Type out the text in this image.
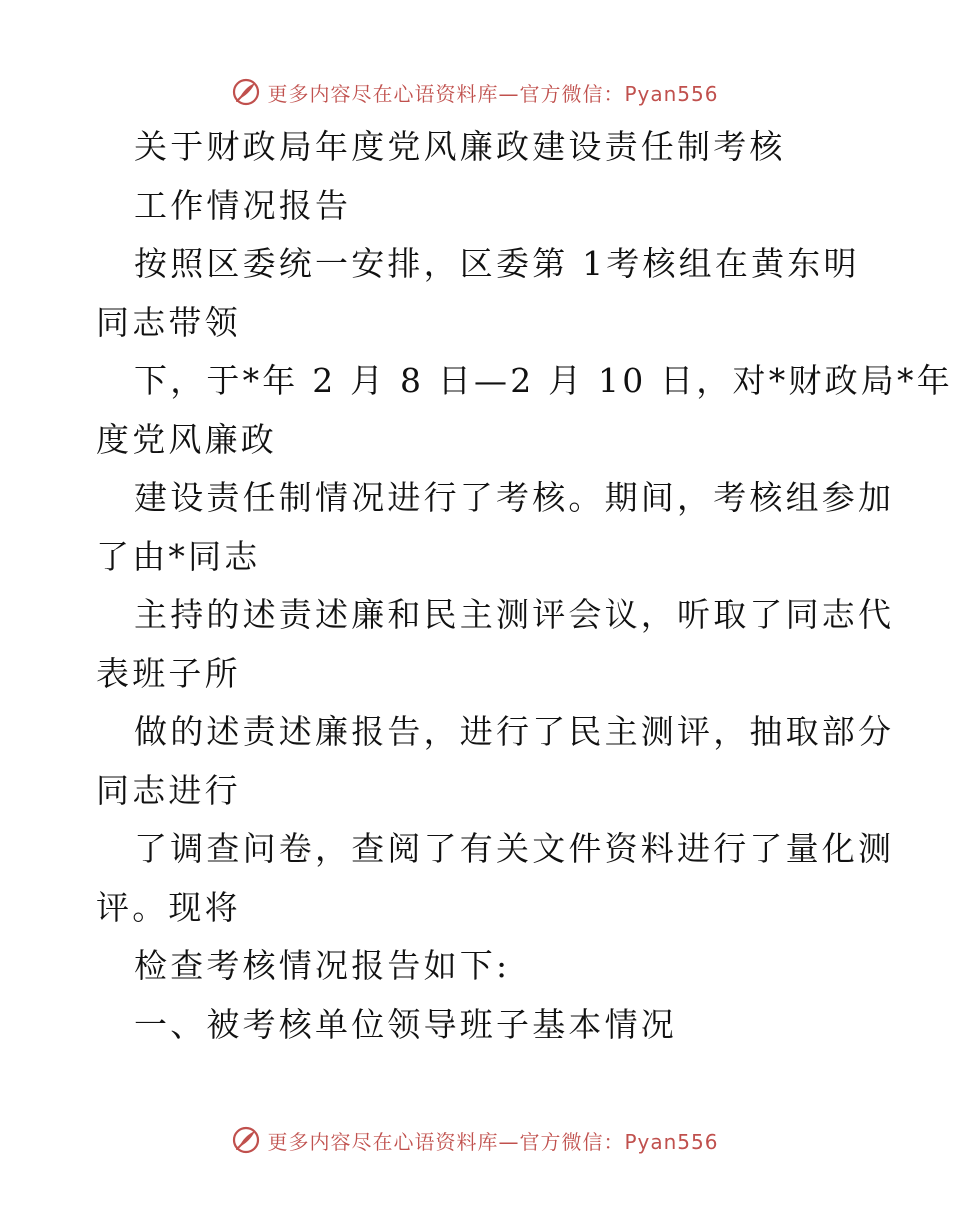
更多内容尽在心语资料库—官方微信：Pyan556
关于财政局年度党风廉政建设责任制考核
工作情况报告
按照区委统一安排，区委第 1考核组在黄东明
同志带领
下，于*年 2 月 8 日—2 月 10 日，对*财政局*年
度党风廉政
建设责任制情况进行了考核。期间，考核组参加
了由*同志
主持的述责述廉和民主测评会议，听取了同志代
表班子所
做的述责述廉报告，进行了民主测评，抽取部分
同志进行
了调查问卷，查阅了有关文件资料进行了量化测
评。现将
检查考核情况报告如下:
一、被考核单位领导班子基本情况
更多内容尽在心语资料库—官方微信：Pyan556
